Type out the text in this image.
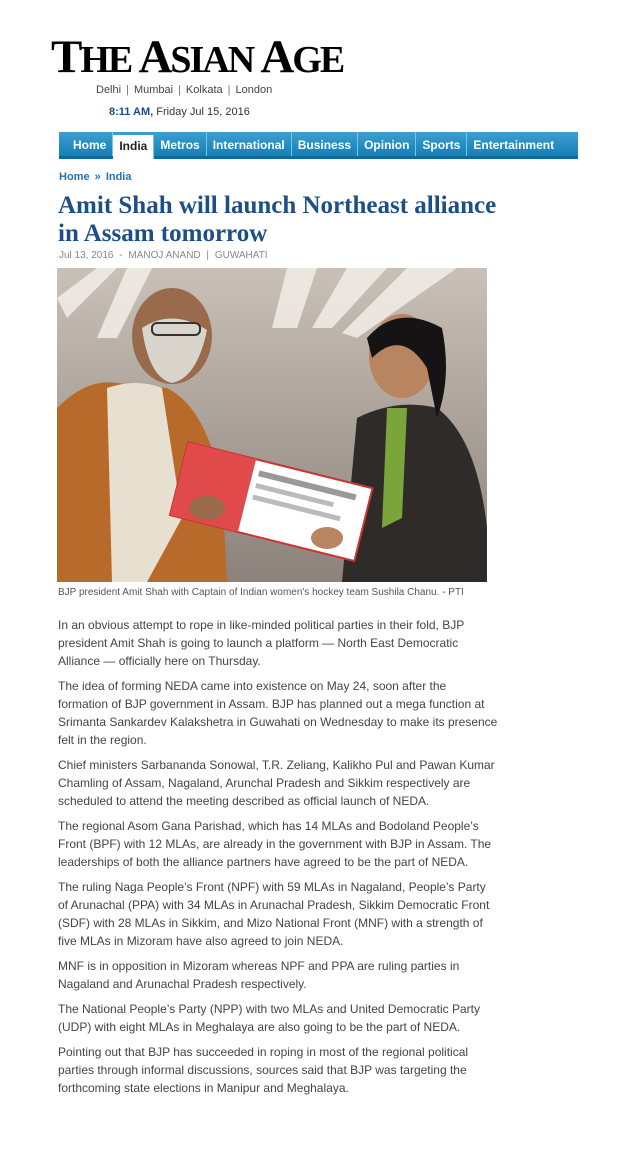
THE ASIAN AGE
Delhi | Mumbai | Kolkata | London
8:11 AM, Friday Jul 15, 2016
Home	India	Metros	International	Business	Opinion	Sports	Entertainment
Home » India
Amit Shah will launch Northeast alliance in Assam tomorrow
Jul 13, 2016 - MANOJ ANAND | GUWAHATI
BJP president Amit Shah with Captain of Indian women's hockey team Sushila Chanu. - PTI

In an obvious attempt to rope in like-minded political parties in their fold, BJP president Amit Shah is going to launch a platform — North East Democratic Alliance — officially here on Thursday.

The idea of forming NEDA came into existence on May 24, soon after the formation of BJP government in Assam. BJP has planned out a mega function at Srimanta Sankardev Kalakshetra in Guwahati on Wednesday to make its presence felt in the region.

Chief ministers Sarbananda Sonowal, T.R. Zeliang, Kalikho Pul and Pawan Kumar Chamling of Assam, Nagaland, Arunchal Pradesh and Sikkim respectively are scheduled to attend the meeting described as official launch of NEDA.

The regional Asom Gana Parishad, which has 14 MLAs and Bodoland People’s Front (BPF) with 12 MLAs, are already in the government with BJP in Assam. The leaderships of both the alliance partners have agreed to be the part of NEDA.

The ruling Naga People’s Front (NPF) with 59 MLAs in Nagaland, People’s Party of Arunachal (PPA) with 34 MLAs in Arunachal Pradesh, Sikkim Democratic Front (SDF) with 28 MLAs in Sikkim, and Mizo National Front (MNF) with a strength of five MLAs in Mizoram have also agreed to join NEDA.

MNF is in opposition in Mizoram whereas NPF and PPA are ruling parties in Nagaland and Arunachal Pradesh respectively.

The National People’s Party (NPP) with two MLAs and United Democratic Party (UDP) with eight MLAs in Meghalaya are also going to be the part of NEDA.

Pointing out that BJP has succeeded in roping in most of the regional political parties through informal discussions, sources said that BJP was targeting the forthcoming state elections in Manipur and Meghalaya.
